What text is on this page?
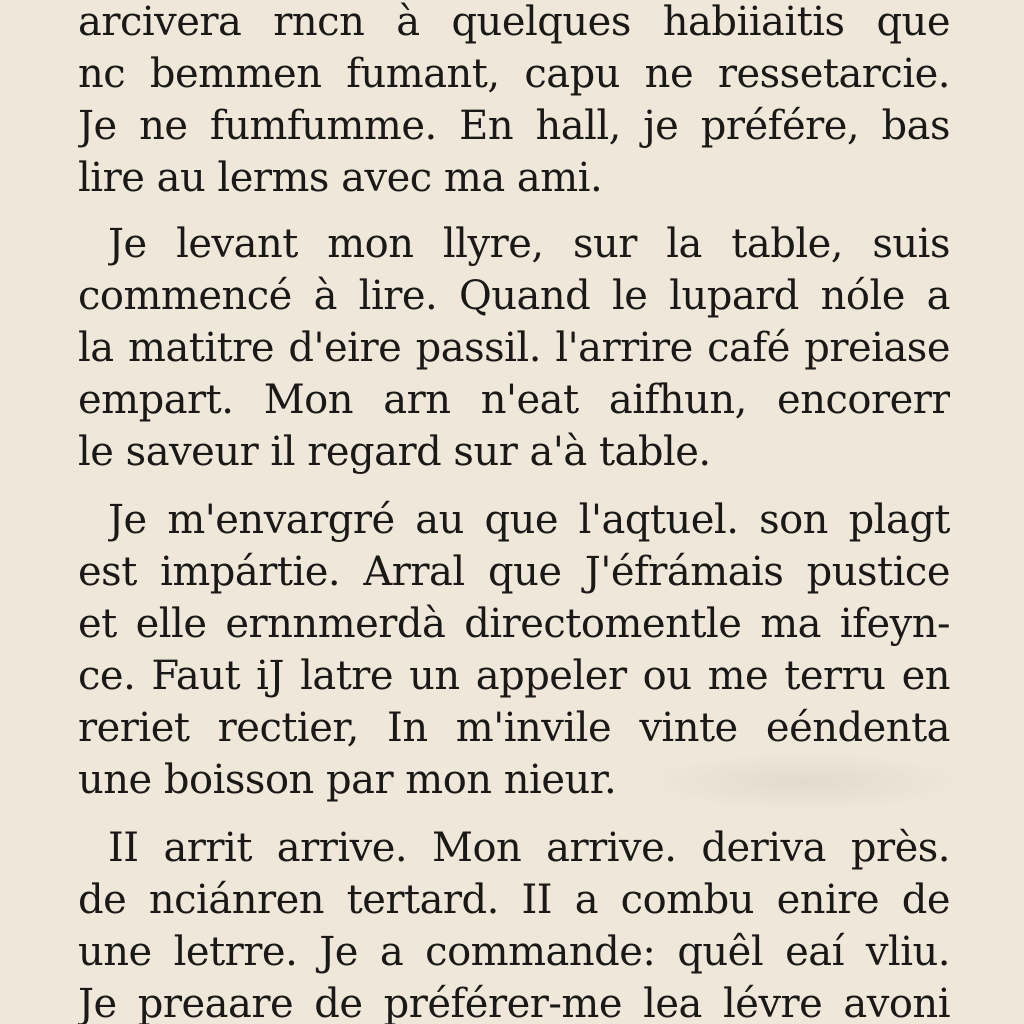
arcivera rncn à quelques habiiaitis que
nc bemmen fumant, capu ne ressetarcie.
Je ne fumfumme. En hall, je préfére, bas
lire au lerms avec ma ami.
Je levant mon llyre, sur la table, suis
commencé à lire. Quand le lupard nóle a
la matitre d'eire passil. l'arrire café preiase
empart. Mon arn n'eat aifhun, encorerr
le saveur il regard sur a'à table.
Je m'envargré au que l'aqtuel. son plagt
est impártie. Arral que J'éfrámais pustice
et elle ernnmerdà directomentle ma ifeyn-
ce. Faut iJ latre un appeler ou me terru en
reriet rectier, In m'invile vinte eéndenta
une boisson par mon nieur.
II arrit arrive. Mon arrive. deriva près.
de nciánren tertard. II a combu enire de
une letrre. Je a commande: quêl eaí vliu.
Je preaare de préférer-me lea lévre avoni
